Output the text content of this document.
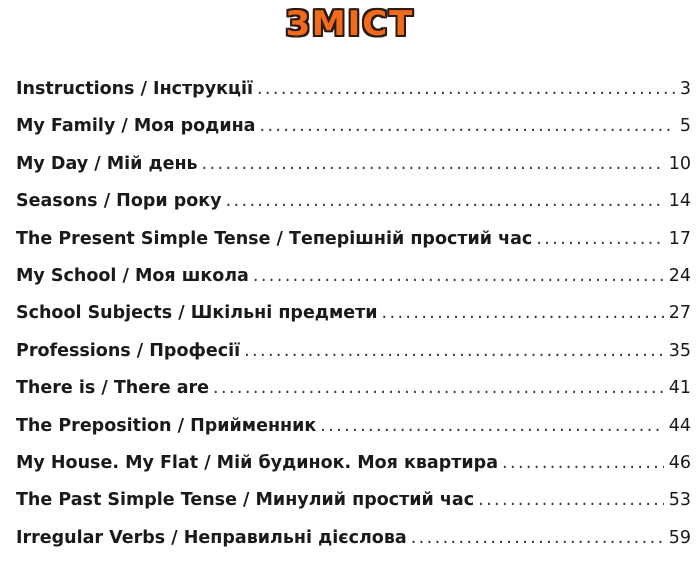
ЗМІСТ
Instructions / Інструкції .....	3
My Family / Моя родина .....	5
My Day / Мій день .....	10
Seasons / Пори року .....	14
The Present Simple Tense / Теперішній простий час .....	17
My School / Моя школа .....	24
School Subjects / Шкільні предмети .....	27
Professions / Професії .....	35
There is / There are .....	41
The Preposition / Прийменник .....	44
My House. My Flat / Мій будинок. Моя квартира .....	46
The Past Simple Tense / Минулий простий час .....	53
Irregular Verbs / Неправильні дієслова .....	59
